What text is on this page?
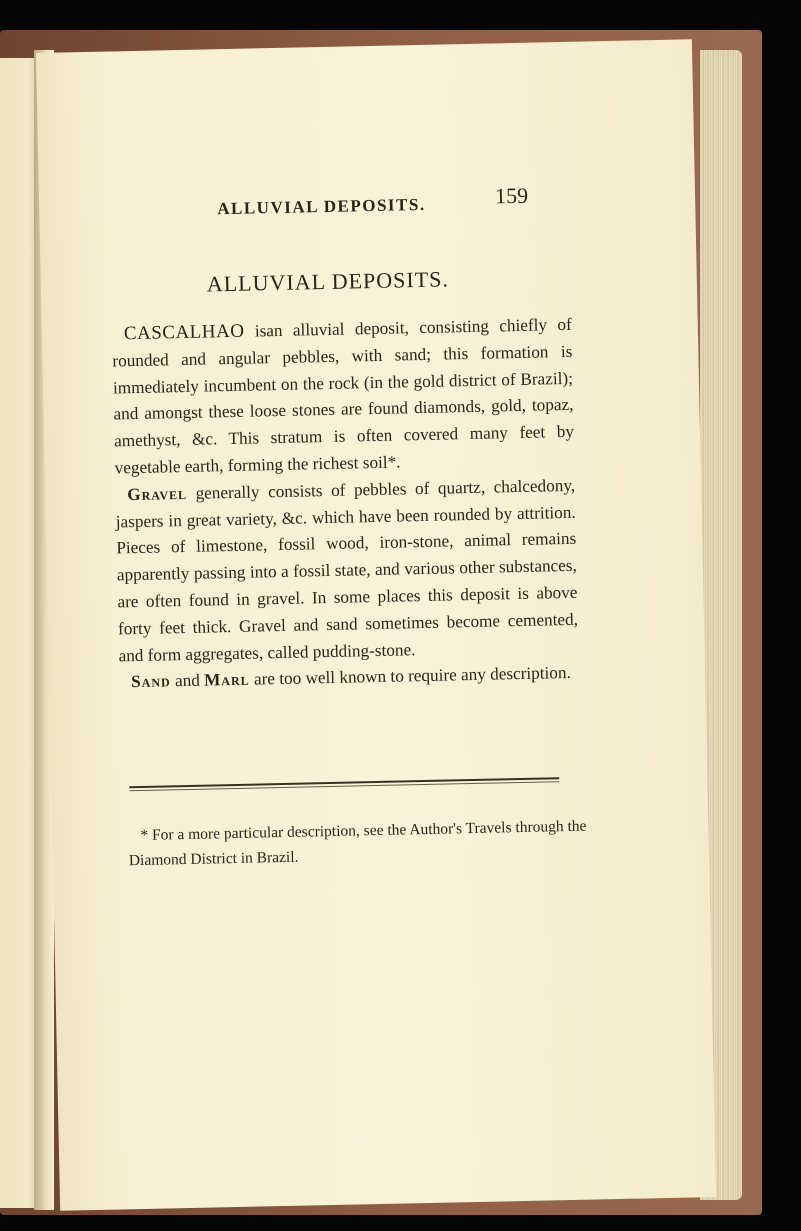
ALLUVIAL DEPOSITS.	159
ALLUVIAL DEPOSITS.

CASCALHAO isan alluvial deposit, consisting chiefly of rounded and angular pebbles, with sand; this formation is immediately incumbent on the rock (in the gold district of Brazil); and amongst these loose stones are found diamonds, gold, topaz, amethyst, &c. This stratum is often covered many feet by vegetable earth, forming the richest soil*.

Gravel generally consists of pebbles of quartz, chalcedony, jaspers in great variety, &c. which have been rounded by attrition. Pieces of limestone, fossil wood, iron-stone, animal remains apparently passing into a fossil state, and various other substances, are often found in gravel. In some places this deposit is above forty feet thick. Gravel and sand sometimes become cemented, and form aggregates, called pudding-stone.

Sand and Marl are too well known to require any description.

* For a more particular description, see the Author's Travels through the Diamond District in Brazil.
